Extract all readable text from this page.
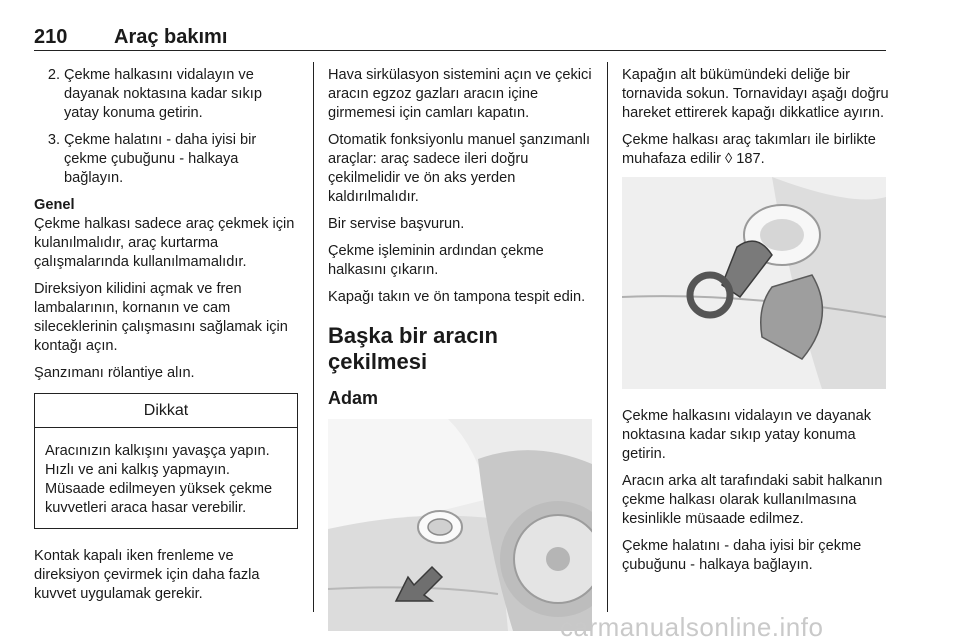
210 Araç bakımı
2. Çekme halkasını vidalayın ve dayanak noktasına kadar sıkıp yatay konuma getirin.
3. Çekme halatını - daha iyisi bir çekme çubuğunu - halkaya bağlayın.

Genel

Çekme halkası sadece araç çekmek için kulanılmalıdır, araç kurtarma çalışmalarında kullanılmamalıdır.

Direksiyon kilidini açmak ve fren lambalarının, kornanın ve cam sileceklerinin çalışmasını sağlamak için kontağı açın.

Şanzımanı rölantiye alın.

Dikkat
Aracınızın kalkışını yavaşça yapın. Hızlı ve ani kalkış yapmayın. Müsaade edilmeyen yüksek çekme kuvvetleri araca hasar verebilir.

Kontak kapalı iken frenleme ve direksiyon çevirmek için daha fazla kuvvet uygulamak gerekir.

Hava sirkülasyon sistemini açın ve çekici aracın egzoz gazları aracın içine girmemesi için camları kapatın.

Otomatik fonksiyonlu manuel şanzımanlı araçlar: araç sadece ileri doğru çekilmelidir ve ön aks yerden kaldırılmalıdır.

Bir servise başvurun.

Çekme işleminin ardından çekme halkasını çıkarın.

Kapağı takın ve ön tampona tespit edin.

Başka bir aracın çekilmesi
Adam

Kapağın alt bükümündeki deliğe bir tornavida sokun. Tornavidayı aşağı doğru hareket ettirerek kapağı dikkatlice ayırın.

Çekme halkası araç takımları ile birlikte muhafaza edilir ◊ 187.

Çekme halkasını vidalayın ve dayanak noktasına kadar sıkıp yatay konuma getirin.

Aracın arka alt tarafındaki sabit halkanın çekme halkası olarak kullanılmasına kesinlikle müsaade edilmez.

Çekme halatını - daha iyisi bir çekme çubuğunu - halkaya bağlayın.

carmanualsonline.info
